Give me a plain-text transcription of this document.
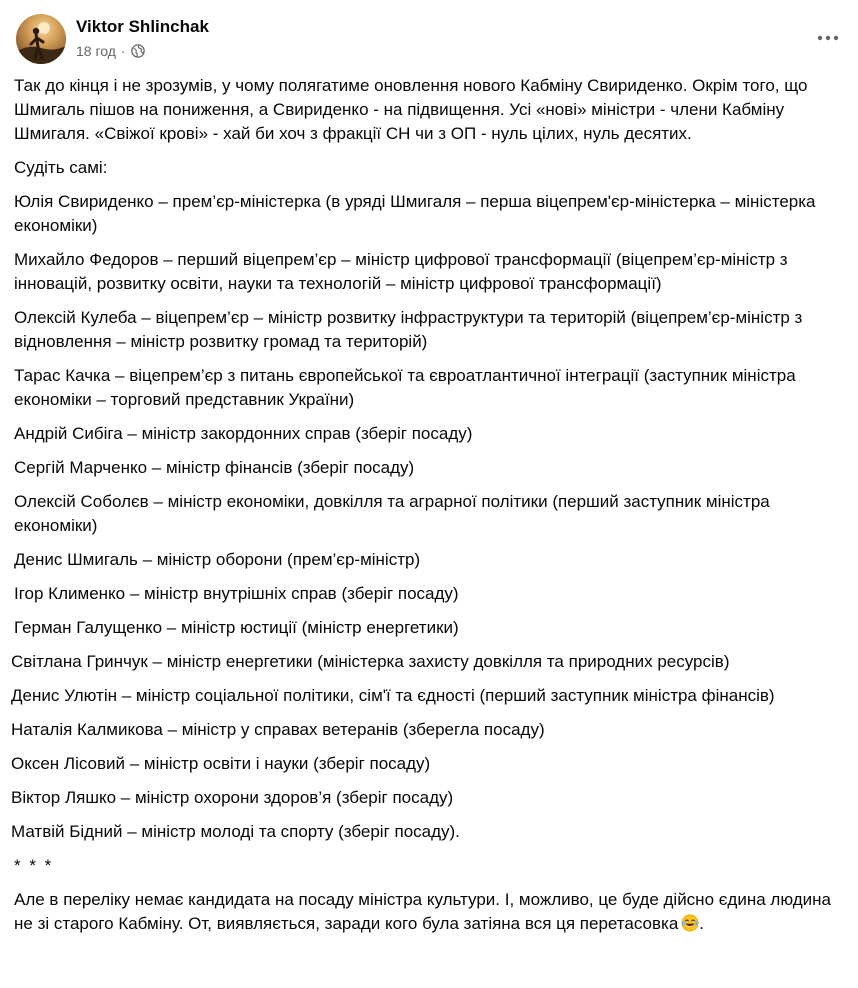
Viktor Shlinchak
18 год ·

Так до кінця і не зрозумів, у чому полягатиме оновлення нового Кабміну Свириденко. Окрім того, що Шмигаль пішов на пониження, а Свириденко - на підвищення. Усі «нові» міністри - члени Кабміну Шмигаля. «Свіжої крові» - хай би хоч з фракції СН чи з ОП - нуль цілих, нуль десятих.

Судіть самі:

Юлія Свириденко – прем’єр-міністерка (в уряді Шмигаля – перша віцепрем'єр-міністерка – міністерка економіки)

Михайло Федоров – перший віцепрем’єр – міністр цифрової трансформації (віцепрем’єр-міністр з інновацій, розвитку освіти, науки та технологій – міністр цифрової трансформації)

Олексій Кулеба – віцепрем’єр – міністр розвитку інфраструктури та територій (віцепрем’єр-міністр з відновлення – міністр розвитку громад та територій)

Тарас Качка – віцепрем’єр з питань європейської та євроатлантичної інтеграції (заступник міністра економіки – торговий представник України)

Андрій Сибіга – міністр закордонних справ (зберіг посаду)

Сергій Марченко – міністр фінансів (зберіг посаду)

Олексій Соболєв – міністр економіки, довкілля та аграрної політики (перший заступник міністра економіки)

Денис Шмигаль – міністр оборони (прем’єр-міністр)

Ігор Клименко – міністр внутрішніх справ (зберіг посаду)

Герман Галущенко – міністр юстиції (міністр енергетики)

Світлана Гринчук – міністр енергетики (міністерка захисту довкілля та природних ресурсів)

Денис Улютін – міністр соціальної політики, сім'ї та єдності (перший заступник міністра фінансів)

Наталія Калмикова – міністр у справах ветеранів (зберегла посаду)

Оксен Лісовий – міністр освіти і науки (зберіг посаду)

Віктор Ляшко – міністр охорони здоров’я (зберіг посаду)

Матвій Бідний – міністр молоді та спорту (зберіг посаду).

* * *

Але в переліку немає кандидата на посаду міністра культури. І, можливо, це буде дійсно єдина людина не зі старого Кабміну. От, виявляється, заради кого була затіяна вся ця перетасовка .
